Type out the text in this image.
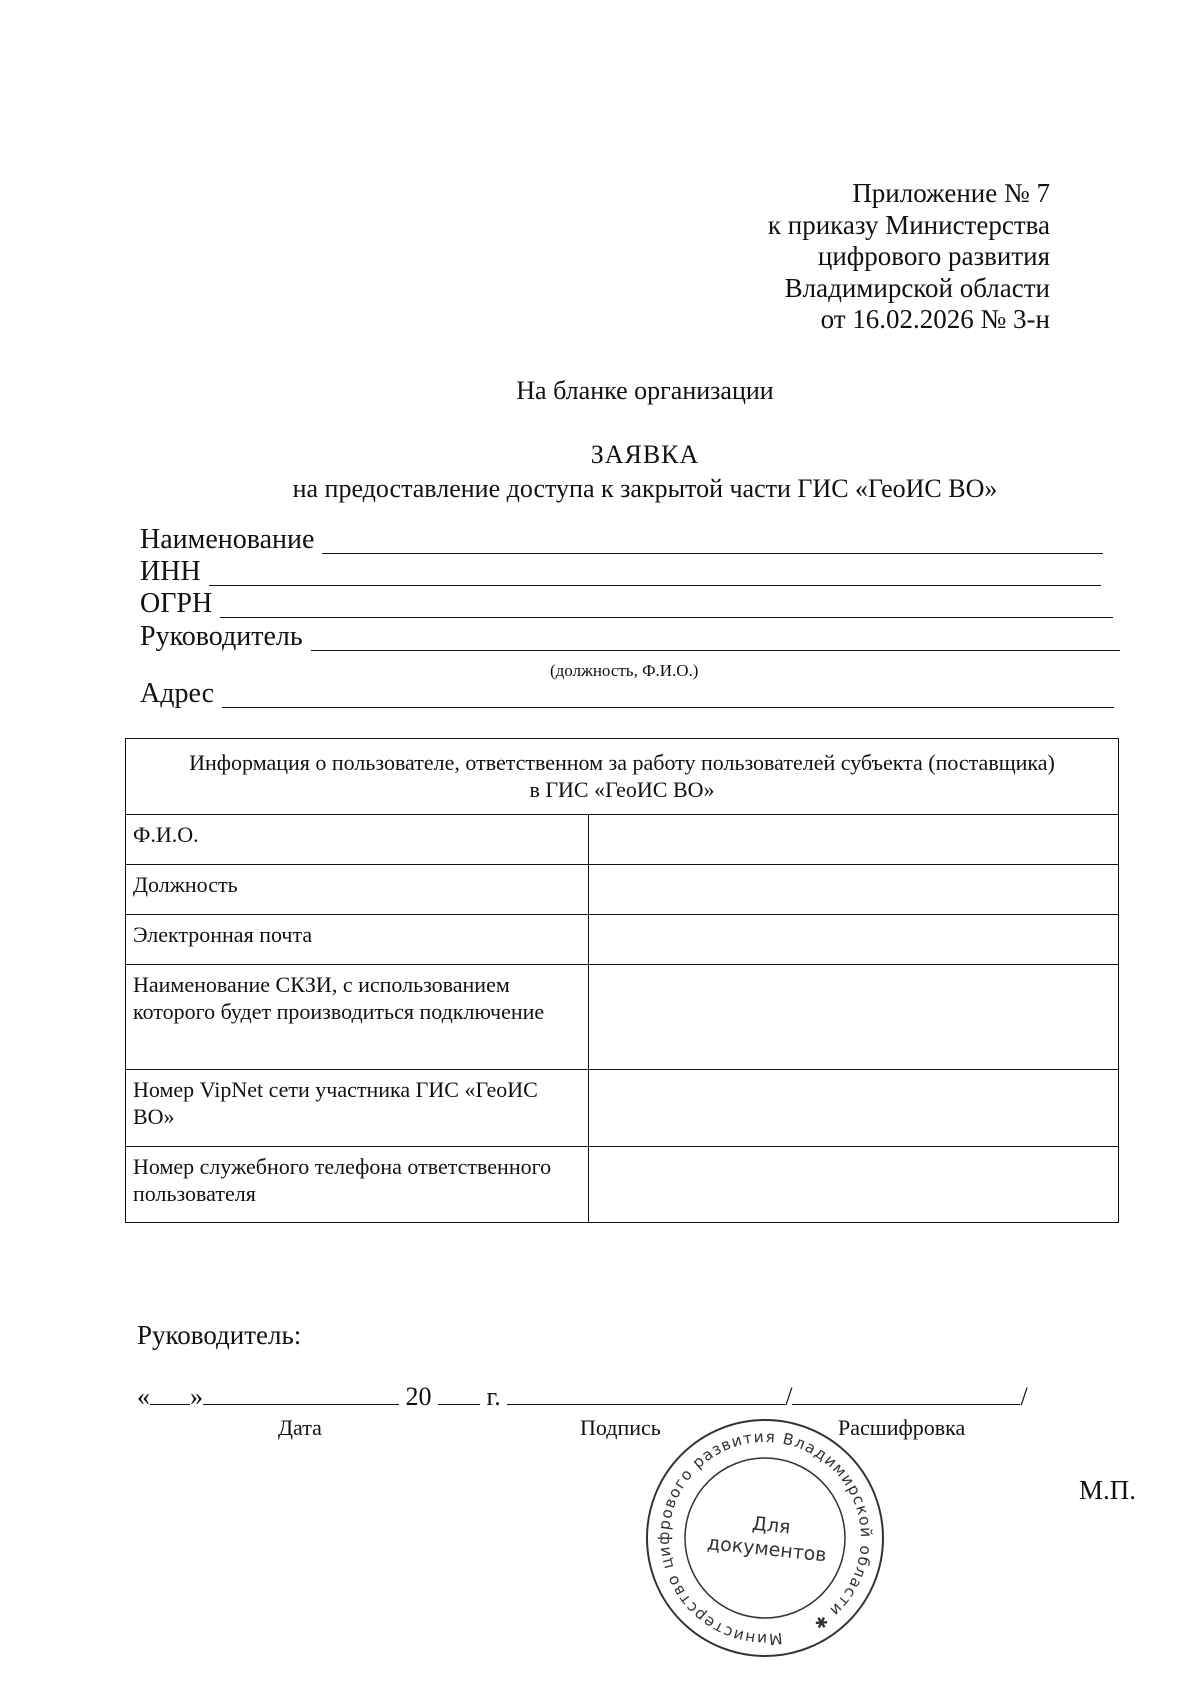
Приложение № 7
к приказу Министерства
цифрового развития
Владимирской области
от 16.02.2026 № 3-н
На бланке организации
ЗАЯВКА
на предоставление доступа к закрытой части ГИС «ГеоИС ВО»
Наименование
ИНН
ОГРН
Руководитель
(должность, Ф.И.О.)
Адрес
Информация о пользователе, ответственном за работу пользователей субъекта (поставщика) в ГИС «ГеоИС ВО»	
Ф.И.О.	
Должность	
Электронная почта	
Наименование СКЗИ, с использованием которого будет производиться подключение	
Номер VipNet сети участника ГИС «ГеоИС ВО»	
Номер служебного телефона ответственного пользователя	
Руководитель:
« »	20 г.	/	/
Дата	Подпись	Расшифровка
М.П.
Министерство цифрового развития Владимирской области ✱
Для
документов
